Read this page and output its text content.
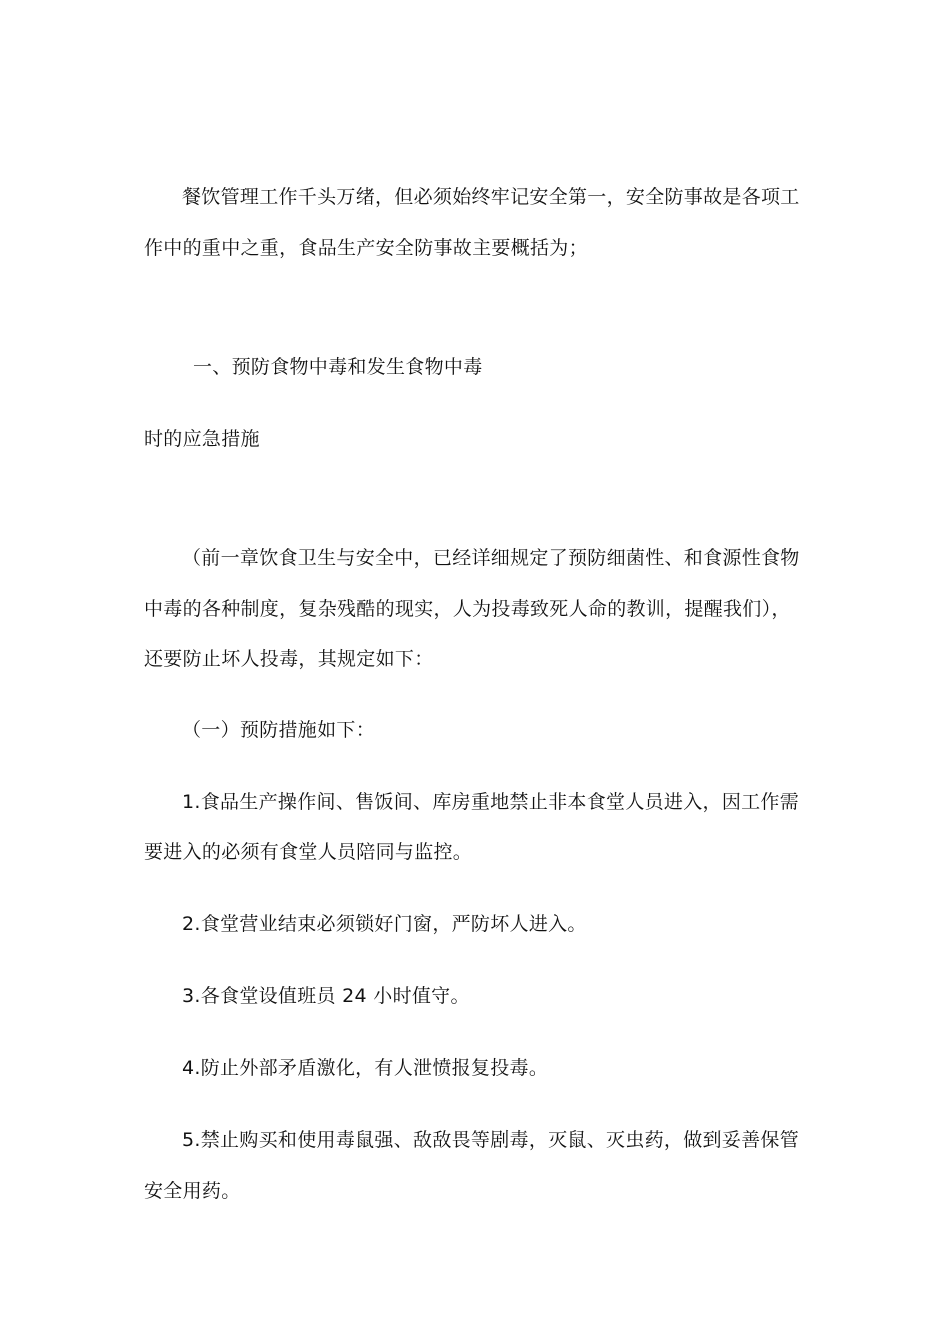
餐饮管理工作千头万绪，但必须始终牢记安全第一，安全防事故是各项工
作中的重中之重，食品生产安全防事故主要概括为；
一、预防食物中毒和发生食物中毒
时的应急措施
（前一章饮食卫生与安全中，已经详细规定了预防细菌性、和食源性食物
中毒的各种制度，复杂残酷的现实，人为投毒致死人命的教训，提醒我们），
还要防止坏人投毒，其规定如下：
（一）预防措施如下：
1.食品生产操作间、售饭间、库房重地禁止非本食堂人员进入，因工作需
要进入的必须有食堂人员陪同与监控。
2.食堂营业结束必须锁好门窗，严防坏人进入。
3.各食堂设值班员 24 小时值守。
4.防止外部矛盾激化，有人泄愤报复投毒。
5.禁止购买和使用毒鼠强、敌敌畏等剧毒，灭鼠、灭虫药，做到妥善保管
安全用药。
